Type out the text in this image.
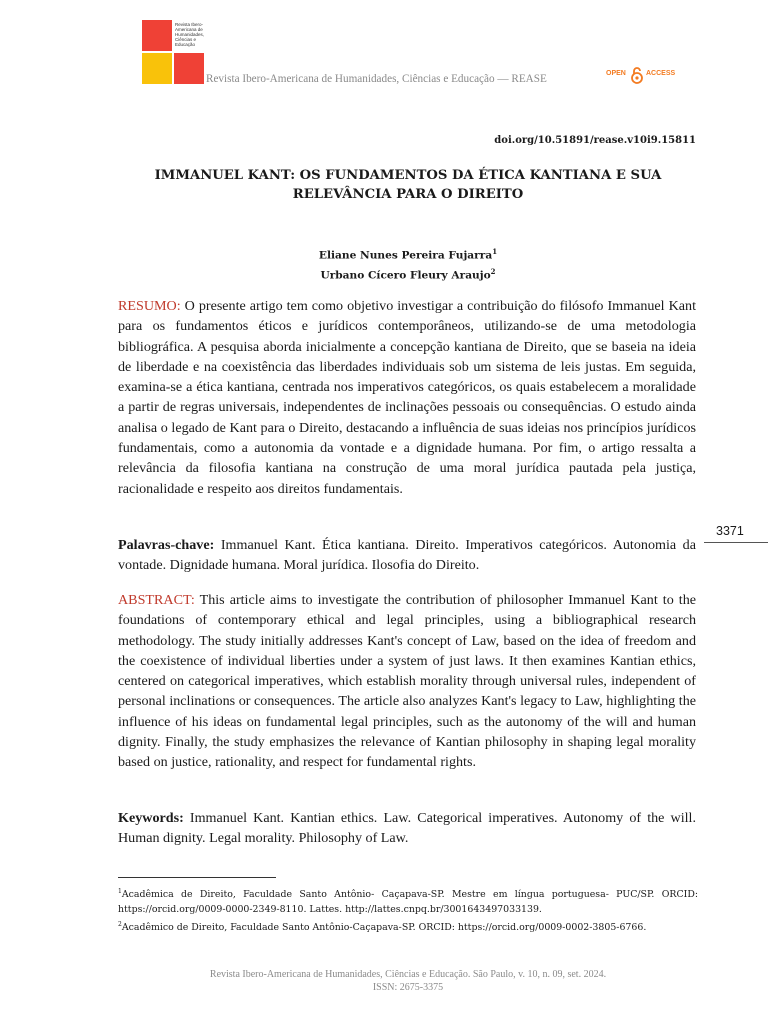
Revista Ibero-Americana de Humanidades, Ciências e Educação
Revista Ibero-Americana de Humanidades, Ciências e Educação — REASE	OPEN	ACCESS
doi.org/10.51891/rease.v10i9.15811
IMMANUEL KANT: OS FUNDAMENTOS DA ÉTICA KANTIANA E SUA RELEVÂNCIA PARA O DIREITO
Eliane Nunes Pereira Fujarra$^1$
Urbano Cícero Fleury Araujo$^2$
RESUMO: O presente artigo tem como objetivo investigar a contribuição do filósofo Immanuel Kant para os fundamentos éticos e jurídicos contemporâneos, utilizando-se de uma metodologia bibliográfica. A pesquisa aborda inicialmente a concepção kantiana de Direito, que se baseia na ideia de liberdade e na coexistência das liberdades individuais sob um sistema de leis justas. Em seguida, examina-se a ética kantiana, centrada nos imperativos categóricos, os quais estabelecem a moralidade a partir de regras universais, independentes de inclinações pessoais ou consequências. O estudo ainda analisa o legado de Kant para o Direito, destacando a influência de suas ideias nos princípios jurídicos fundamentais, como a autonomia da vontade e a dignidade humana. Por fim, o artigo ressalta a relevância da filosofia kantiana na construção de uma moral jurídica pautada pela justiça, racionalidade e respeito aos direitos fundamentais.
Palavras-chave: Immanuel Kant. Ética kantiana. Direito. Imperativos categóricos. Autonomia da vontade. Dignidade humana. Moral jurídica. Ilosofia do Direito.
ABSTRACT: This article aims to investigate the contribution of philosopher Immanuel Kant to the foundations of contemporary ethical and legal principles, using a bibliographical research methodology. The study initially addresses Kant's concept of Law, based on the idea of freedom and the coexistence of individual liberties under a system of just laws. It then examines Kantian ethics, centered on categorical imperatives, which establish morality through universal rules, independent of personal inclinations or consequences. The article also analyzes Kant's legacy to Law, highlighting the influence of his ideas on fundamental legal principles, such as the autonomy of the will and human dignity. Finally, the study emphasizes the relevance of Kantian philosophy in shaping legal morality based on justice, rationality, and respect for fundamental rights.
Keywords: Immanuel Kant. Kantian ethics. Law. Categorical imperatives. Autonomy of the will. Human dignity. Legal morality. Philosophy of Law.
3371
$^1$Acadêmica de Direito, Faculdade Santo Antônio- Caçapava-SP. Mestre em língua portuguesa- PUC/SP. ORCID: https://orcid.org/0009-0000-2349-8110. Lattes. http://lattes.cnpq.br/3001643497033139.
$^2$Acadêmico de Direito, Faculdade Santo Antônio-Caçapava-SP. ORCID: https://orcid.org/0009-0002-3805-6766.
Revista Ibero-Americana de Humanidades, Ciências e Educação. São Paulo, v. 10, n. 09, set. 2024.
ISSN: 2675-3375
